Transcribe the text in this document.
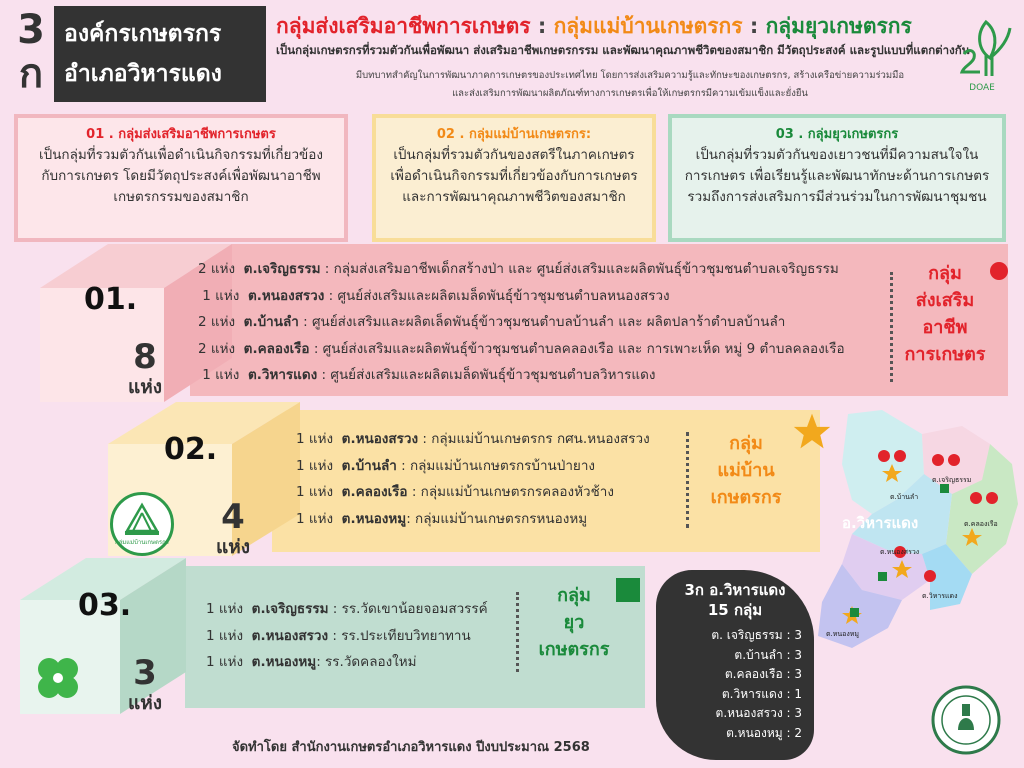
3
ก
องค์กรเกษตรกร
อำเภอวิหารแดง
กลุ่มส่งเสริมอาชีพการเกษตร : กลุ่มแม่บ้านเกษตรกร : กลุ่มยุวเกษตรกร
เป็นกลุ่มเกษตรกรที่รวมตัวกันเพื่อพัฒนา ส่งเสริมอาชีพเกษตรกรรม และพัฒนาคุณภาพชีวิตของสมาชิก มีวัตถุประสงค์ และรูปแบบที่แตกต่างกัน
มีบทบาทสำคัญในการพัฒนาภาคการเกษตรของประเทศไทย โดยการส่งเสริมความรู้และทักษะของเกษตรกร, สร้างเครือข่ายความร่วมมือ
และส่งเสริมการพัฒนาผลิตภัณฑ์ทางการเกษตรเพื่อให้เกษตรกรมีความเข้มแข็งและยั่งยืน	DOAE
01 . กลุ่มส่งเสริมอาชีพการเกษตร
เป็นกลุ่มที่รวมตัวกันเพื่อดำเนินกิจกรรมที่เกี่ยวข้อง
กับการเกษตร โดยมีวัตถุประสงค์เพื่อพัฒนาอาชีพ
เกษตรกรรมของสมาชิก
02 . กลุ่มแม่บ้านเกษตรกร:
เป็นกลุ่มที่รวมตัวกันของสตรีในภาคเกษตร
เพื่อดำเนินกิจกรรมที่เกี่ยวข้องกับการเกษตร
และการพัฒนาคุณภาพชีวิตของสมาชิก
03 . กลุ่มยุวเกษตรกร
เป็นกลุ่มที่รวมตัวกันของเยาวชนที่มีความสนใจใน
การเกษตร เพื่อเรียนรู้และพัฒนาทักษะด้านการเกษตร
รวมถึงการส่งเสริมการมีส่วนร่วมในการพัฒนาชุมชน
01.
8
แห่ง
02.
4
แห่ง
กลุ่มแม่บ้านเกษตรกร
03.
3
แห่ง
2 แห่ง ต.เจริญธรรม : กลุ่มส่งเสริมอาชีพเด็กสร้างป่า และ ศูนย์ส่งเสริมและผลิตพันธุ์ข้าวชุมชนตำบลเจริญธรรม
1 แห่ง ต.หนองสรวง : ศูนย์ส่งเสริมและผลิตเมล็ดพันธุ์ข้าวชุมชนตำบลหนองสรวง
2 แห่ง ต.บ้านลำ : ศูนย์ส่งเสริมและผลิตเล็ดพันธุ์ข้าวชุมชนตำบลบ้านลำ และ ผลิตปลาร้าตำบลบ้านลำ
2 แห่ง ต.คลองเรือ : ศูนย์ส่งเสริมและผลิตพันธุ์ข้าวชุมชนตำบลคลองเรือ และ การเพาะเห็ด หมู่ 9 ตำบลคลองเรือ
1 แห่ง ต.วิหารแดง : ศูนย์ส่งเสริมและผลิตเมล็ดพันธุ์ข้าวชุมชนตำบลวิหารแดง
กลุ่ม
ส่งเสริม
อาชีพ
การเกษตร
1 แห่ง ต.หนองสรวง : กลุ่มแม่บ้านเกษตรกร กศน.หนองสรวง
1 แห่ง ต.บ้านลำ : กลุ่มแม่บ้านเกษตรกรบ้านป่ายาง
1 แห่ง ต.คลองเรือ : กลุ่มแม่บ้านเกษตรกรคลองหัวช้าง
1 แห่ง ต.หนองหมู: กลุ่มแม่บ้านเกษตรกรหนองหมู
กลุ่ม
แม่บ้าน
เกษตรกร
1 แห่ง ต.เจริญธรรม : รร.วัดเขาน้อยจอมสวรรค์
1 แห่ง ต.หนองสรวง : รร.ประเทียบวิทยาทาน
1 แห่ง ต.หนองหมู: รร.วัดคลองใหม่
กลุ่ม
ยุว
เกษตรกร
ต.บ้านลำ
ต.เจริญธรรม
ต.คลองเรือ
ต.หนองสรวง
ต.วิหารแดง
ต.หนองหมู
อ.วิหารแดง
3ก อ.วิหารแดง
15 กลุ่ม
ต. เจริญธรรม : 3
ต.บ้านลำ : 3
ต.คลองเรือ : 3
ต.วิหารแดง : 1
ต.หนองสรวง : 3
ต.หนองหมู : 2
จัดทำโดย สำนักงานเกษตรอำเภอวิหารแดง ปีงบประมาณ 2568
